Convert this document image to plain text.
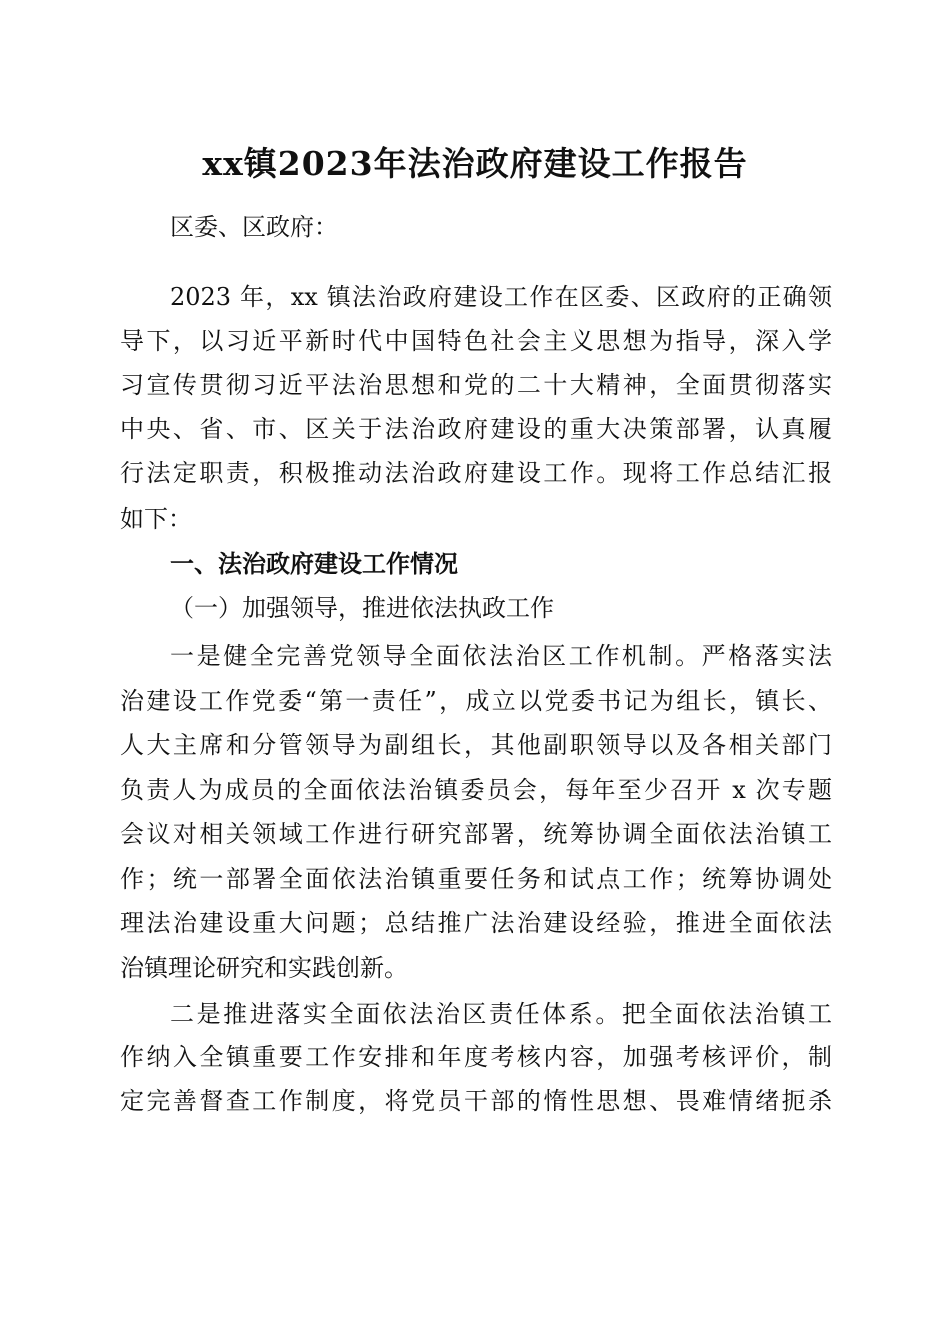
xx镇2023年法治政府建设工作报告
区委、区政府：
2023 年，xx 镇法治政府建设工作在区委、区政府的正确领
导下，以习近平新时代中国特色社会主义思想为指导，深入学
习宣传贯彻习近平法治思想和党的二十大精神，全面贯彻落实
中央、省、市、区关于法治政府建设的重大决策部署，认真履
行法定职责，积极推动法治政府建设工作。现将工作总结汇报
如下：
一、法治政府建设工作情况
（一）加强领导，推进依法执政工作
一是健全完善党领导全面依法治区工作机制。严格落实法
治建设工作党委“第一责任”，成立以党委书记为组长，镇长、
人大主席和分管领导为副组长，其他副职领导以及各相关部门
负责人为成员的全面依法治镇委员会，每年至少召开 x 次专题
会议对相关领域工作进行研究部署，统筹协调全面依法治镇工
作；统一部署全面依法治镇重要任务和试点工作；统筹协调处
理法治建设重大问题；总结推广法治建设经验，推进全面依法
治镇理论研究和实践创新。
二是推进落实全面依法治区责任体系。把全面依法治镇工
作纳入全镇重要工作安排和年度考核内容，加强考核评价，制
定完善督查工作制度，将党员干部的惰性思想、畏难情绪扼杀
